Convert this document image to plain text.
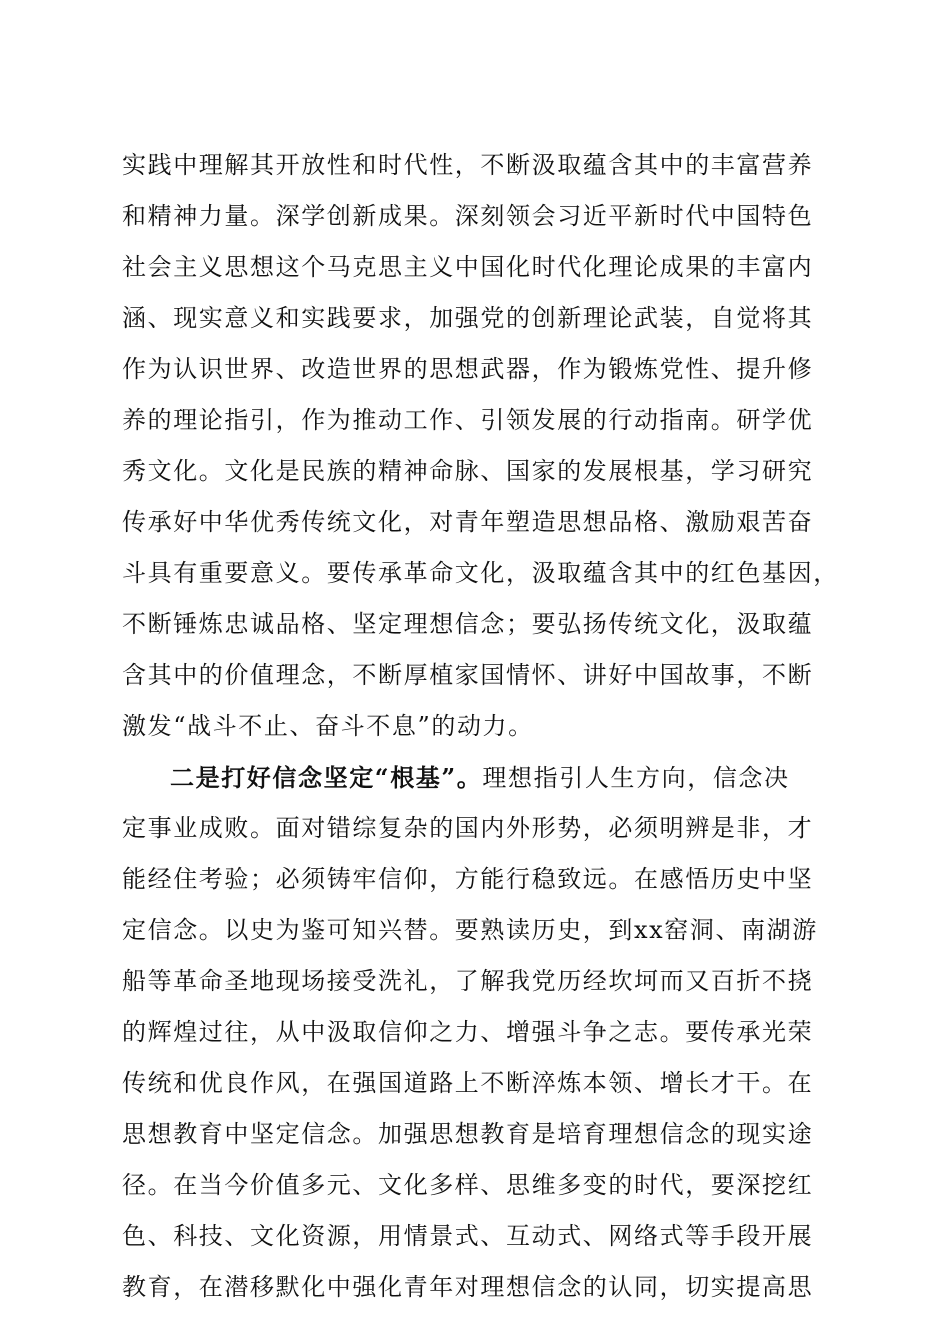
实践中理解其开放性和时代性，不断汲取蕴含其中的丰富营养
和精神力量。深学创新成果。深刻领会习近平新时代中国特色
社会主义思想这个马克思主义中国化时代化理论成果的丰富内
涵、现实意义和实践要求，加强党的创新理论武装，自觉将其
作为认识世界、改造世界的思想武器，作为锻炼党性、提升修
养的理论指引，作为推动工作、引领发展的行动指南。研学优
秀文化。文化是民族的精神命脉、国家的发展根基，学习研究
传承好中华优秀传统文化，对青年塑造思想品格、激励艰苦奋
斗具有重要意义。要传承革命文化，汲取蕴含其中的红色基因，
不断锤炼忠诚品格、坚定理想信念；要弘扬传统文化，汲取蕴
含其中的价值理念，不断厚植家国情怀、讲好中国故事，不断
激发“战斗不止、奋斗不息”的动力。
二是打好信念坚定“根基”。理想指引人生方向，信念决
定事业成败。面对错综复杂的国内外形势，必须明辨是非，才
能经住考验；必须铸牢信仰，方能行稳致远。在感悟历史中坚
定信念。以史为鉴可知兴替。要熟读历史，到xx窑洞、南湖游
船等革命圣地现场接受洗礼，了解我党历经坎坷而又百折不挠
的辉煌过往，从中汲取信仰之力、增强斗争之志。要传承光荣
传统和优良作风，在强国道路上不断淬炼本领、增长才干。在
思想教育中坚定信念。加强思想教育是培育理想信念的现实途
径。在当今价值多元、文化多样、思维多变的时代，要深挖红
色、科技、文化资源，用情景式、互动式、网络式等手段开展
教育，在潜移默化中强化青年对理想信念的认同，切实提高思
